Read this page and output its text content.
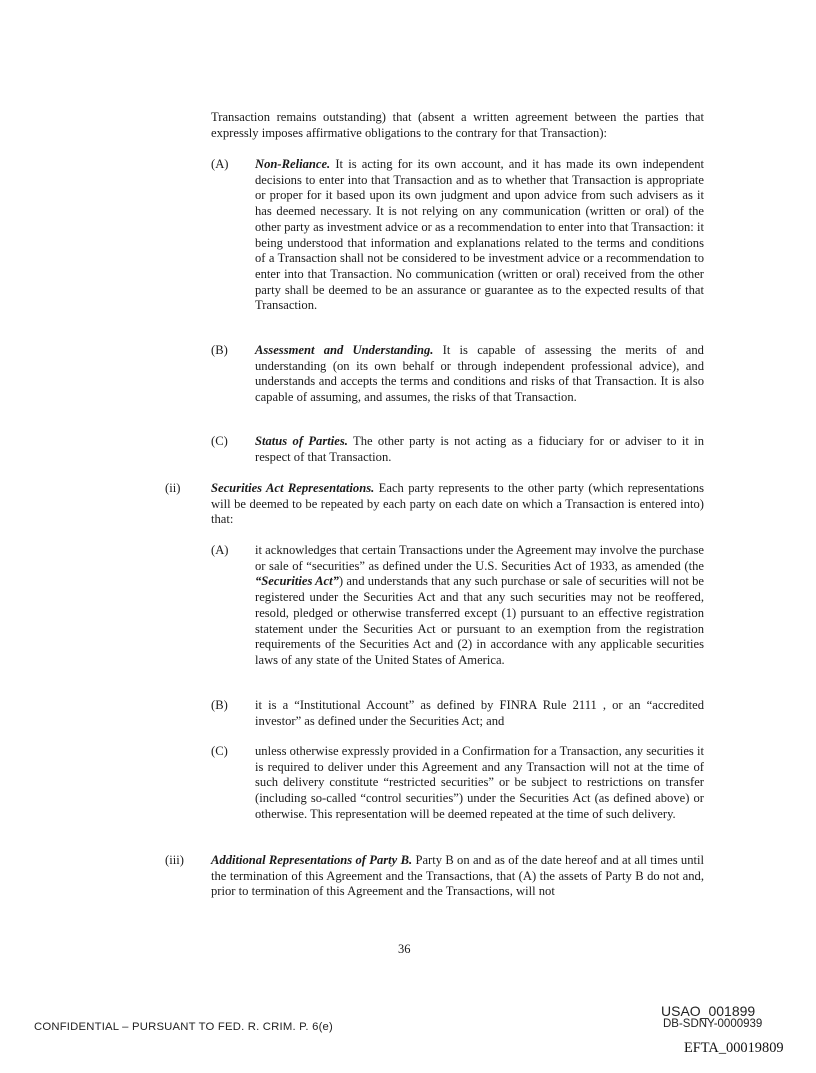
Transaction remains outstanding) that (absent a written agreement between the parties that expressly imposes affirmative obligations to the contrary for that Transaction):

(A) Non-Reliance. It is acting for its own account, and it has made its own independent decisions to enter into that Transaction and as to whether that Transaction is appropriate or proper for it based upon its own judgment and upon advice from such advisers as it has deemed necessary. It is not relying on any communication (written or oral) of the other party as investment advice or as a recommendation to enter into that Transaction: it being understood that information and explanations related to the terms and conditions of a Transaction shall not be considered to be investment advice or a recommendation to enter into that Transaction. No communication (written or oral) received from the other party shall be deemed to be an assurance or guarantee as to the expected results of that Transaction.

(B) Assessment and Understanding. It is capable of assessing the merits of and understanding (on its own behalf or through independent professional advice), and understands and accepts the terms and conditions and risks of that Transaction. It is also capable of assuming, and assumes, the risks of that Transaction.

(C) Status of Parties. The other party is not acting as a fiduciary for or adviser to it in respect of that Transaction.

(ii) Securities Act Representations. Each party represents to the other party (which representations will be deemed to be repeated by each party on each date on which a Transaction is entered into) that:

(A) it acknowledges that certain Transactions under the Agreement may involve the purchase or sale of “securities” as defined under the U.S. Securities Act of 1933, as amended (the “Securities Act”) and understands that any such purchase or sale of securities will not be registered under the Securities Act and that any such securities may not be reoffered, resold, pledged or otherwise transferred except (1) pursuant to an effective registration statement under the Securities Act or pursuant to an exemption from the registration requirements of the Securities Act and (2) in accordance with any applicable securities laws of any state of the United States of America.

(B) it is a “Institutional Account” as defined by FINRA Rule 2111 , or an “accredited investor” as defined under the Securities Act; and

(C) unless otherwise expressly provided in a Confirmation for a Transaction, any securities it is required to deliver under this Agreement and any Transaction will not at the time of such delivery constitute “restricted securities” or be subject to restrictions on transfer (including so-called “control securities”) under the Securities Act (as defined above) or otherwise. This representation will be deemed repeated at the time of such delivery.

(iii) Additional Representations of Party B. Party B on and as of the date hereof and at all times until the termination of this Agreement and the Transactions, that (A) the assets of Party B do not and, prior to termination of this Agreement and the Transactions, will not

36
CONFIDENTIAL – PURSUANT TO FED. R. CRIM. P. 6(e)
USAO_001899
DB-SDNY-0000939
EFTA_00019809
